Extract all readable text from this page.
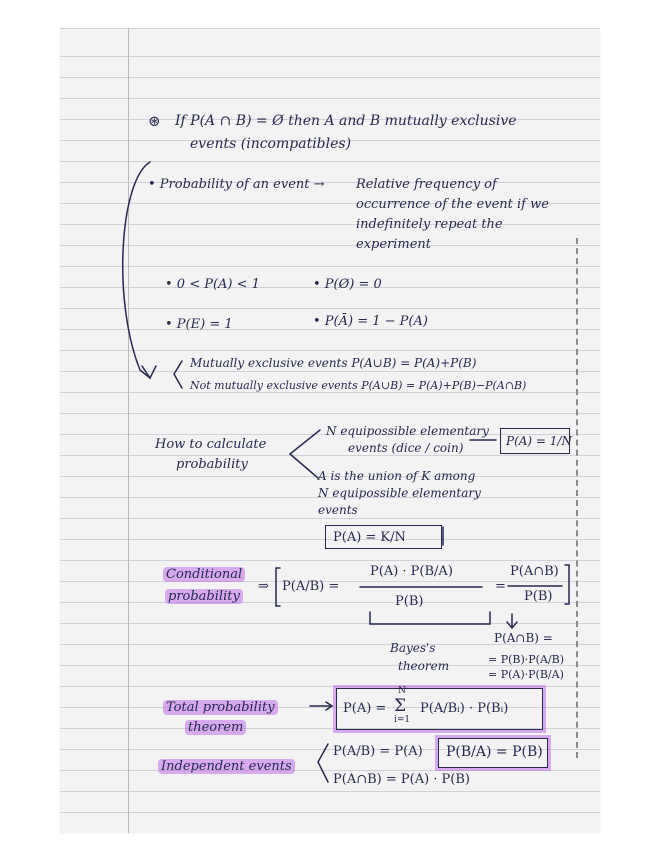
⊛ If P(A ∩ B) = Ø then A and B mutually exclusive
events (incompatibles)
• Probability of an event → Relative frequency of
occurrence of the event if we
indefinitely repeat the
experiment
• 0 < P(A) < 1	• P(Ø) = 0
• P(E) = 1	• P(Ā) = 1 − P(A)
Mutually exclusive events P(A∪B) = P(A)+P(B)
Not mutually exclusive events P(A∪B) = P(A)+P(B)−P(A∩B)
How to calculate
probability
N equipossible elementary
events (dice / coin)	P(A) = 1/N
A is the union of K among
N equipossible elementary
events
P(A) = K/N
Conditional
probability
⇒ P(A/B) =
P(A) · P(B/A)
P(B)
=
P(A∩B)
P(B)
Bayes's
theorem
P(A∩B) =
= P(B)·P(A/B)
= P(A)·P(B/A)
Total probability
theorem
P(A) =
N
Σ
i=1
P(A/Bᵢ) · P(Bᵢ)
Independent events
P(A/B) = P(A) P(B/A) = P(B)
P(A∩B) = P(A) · P(B)
